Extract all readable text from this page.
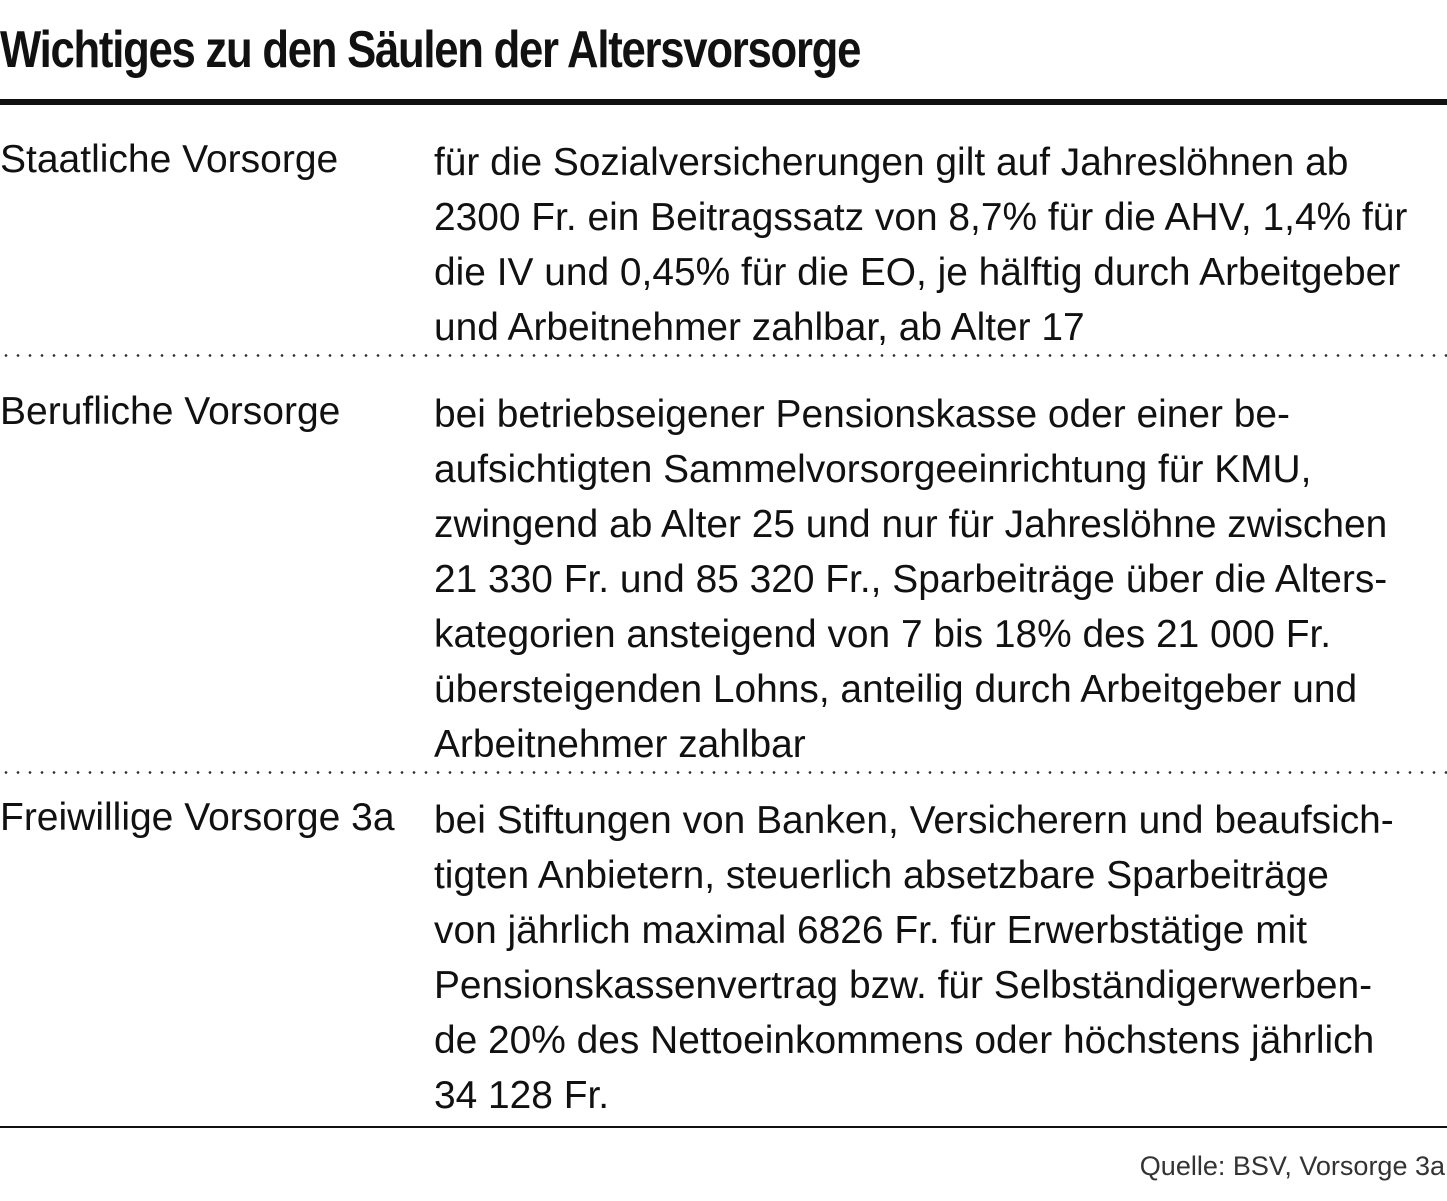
Wichtiges zu den Säulen der Altersvorsorge
Staatliche Vorsorge	für die Sozialversicherungen gilt auf Jahreslöhnen ab
2300 Fr. ein Beitragssatz von 8,7% für die AHV, 1,4% für
die IV und 0,45% für die EO, je hälftig durch Arbeitgeber
und Arbeitnehmer zahlbar, ab Alter 17
Berufliche Vorsorge	bei betriebseigener Pensionskasse oder einer be-
aufsichtigten Sammelvorsorgeeinrichtung für KMU,
zwingend ab Alter 25 und nur für Jahreslöhne zwischen
21 330 Fr. und 85 320 Fr., Sparbeiträge über die Alters-
kategorien ansteigend von 7 bis 18% des 21 000 Fr.
übersteigenden Lohns, anteilig durch Arbeitgeber und
Arbeitnehmer zahlbar
Freiwillige Vorsorge 3a	bei Stiftungen von Banken, Versicherern und beaufsich-
tigten Anbietern, steuerlich absetzbare Sparbeiträge
von jährlich maximal 6826 Fr. für Erwerbstätige mit
Pensionskassenvertrag bzw. für Selbständigerwerben-
de 20% des Nettoeinkommens oder höchstens jährlich
34 128 Fr.
Quelle: BSV, Vorsorge 3a
